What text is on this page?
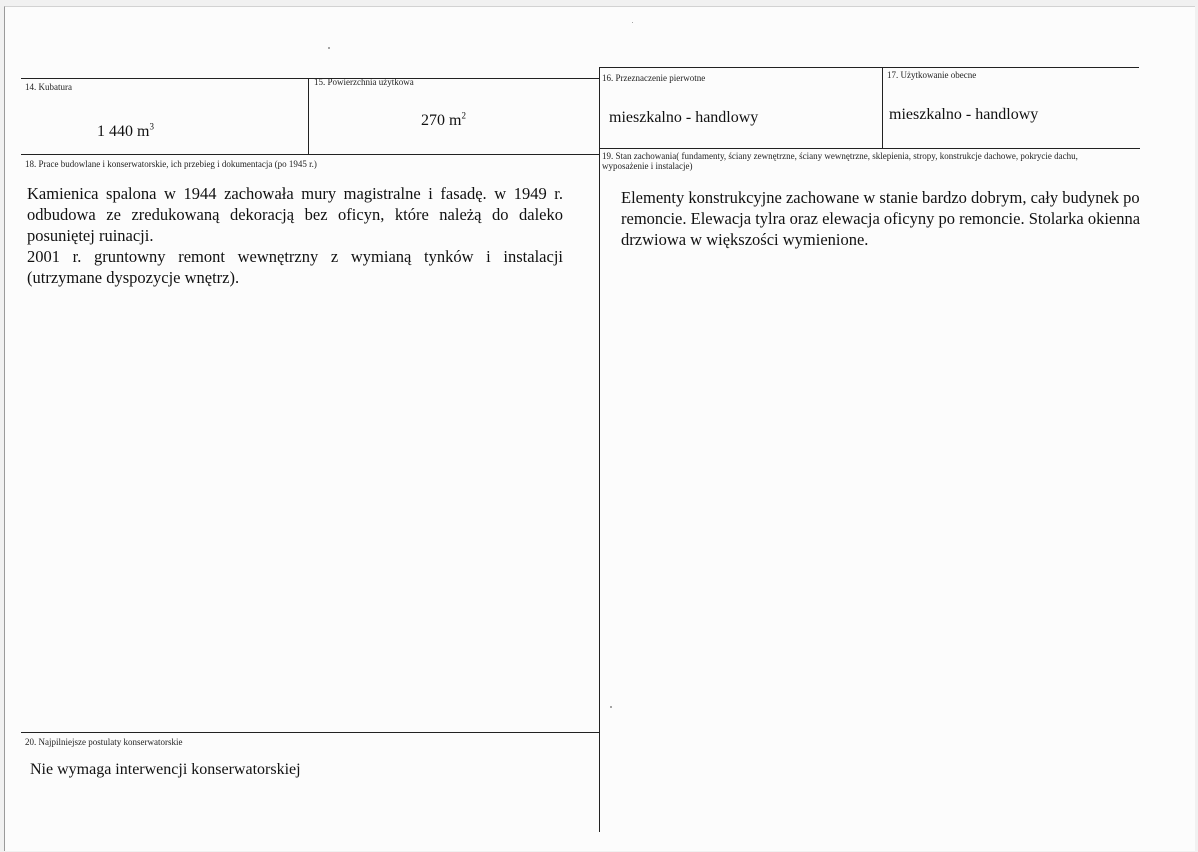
14. Kubatura
1 440 $m^3$
15. Powierzchnia użytkowa
270 $m^2$
16. Przeznaczenie pierwotne
mieszkalno - handlowy
17. Użytkowanie obecne
mieszkalno - handlowy
18. Prace budowlane i konserwatorskie, ich przebieg i dokumentacja (po 1945 r.)

Kamienica spalona w 1944 zachowała mury magistralne i fasadę. w 1949 r. odbudowa ze zredukowaną dekoracją bez oficyn, które należą do daleko posuniętej ruinacji.

2001 r. gruntowny remont wewnętrzny z wymianą tynków i instalacji (utrzymane dyspozycje wnętrz).

19. Stan zachowania( fundamenty, ściany zewnętrzne, ściany wewnętrzne, sklepienia, stropy, konstrukcje dachowe, pokrycie dachu, wyposażenie i instalacje)
Elementy konstrukcyjne zachowane w stanie bardzo dobrym, cały budynek po remoncie. Elewacja tylra oraz elewacja oficyny po remoncie. Stolarka okienna drzwiowa w większości wymienione.
20. Najpilniejsze postulaty konserwatorskie
Nie wymaga interwencji konserwatorskiej
